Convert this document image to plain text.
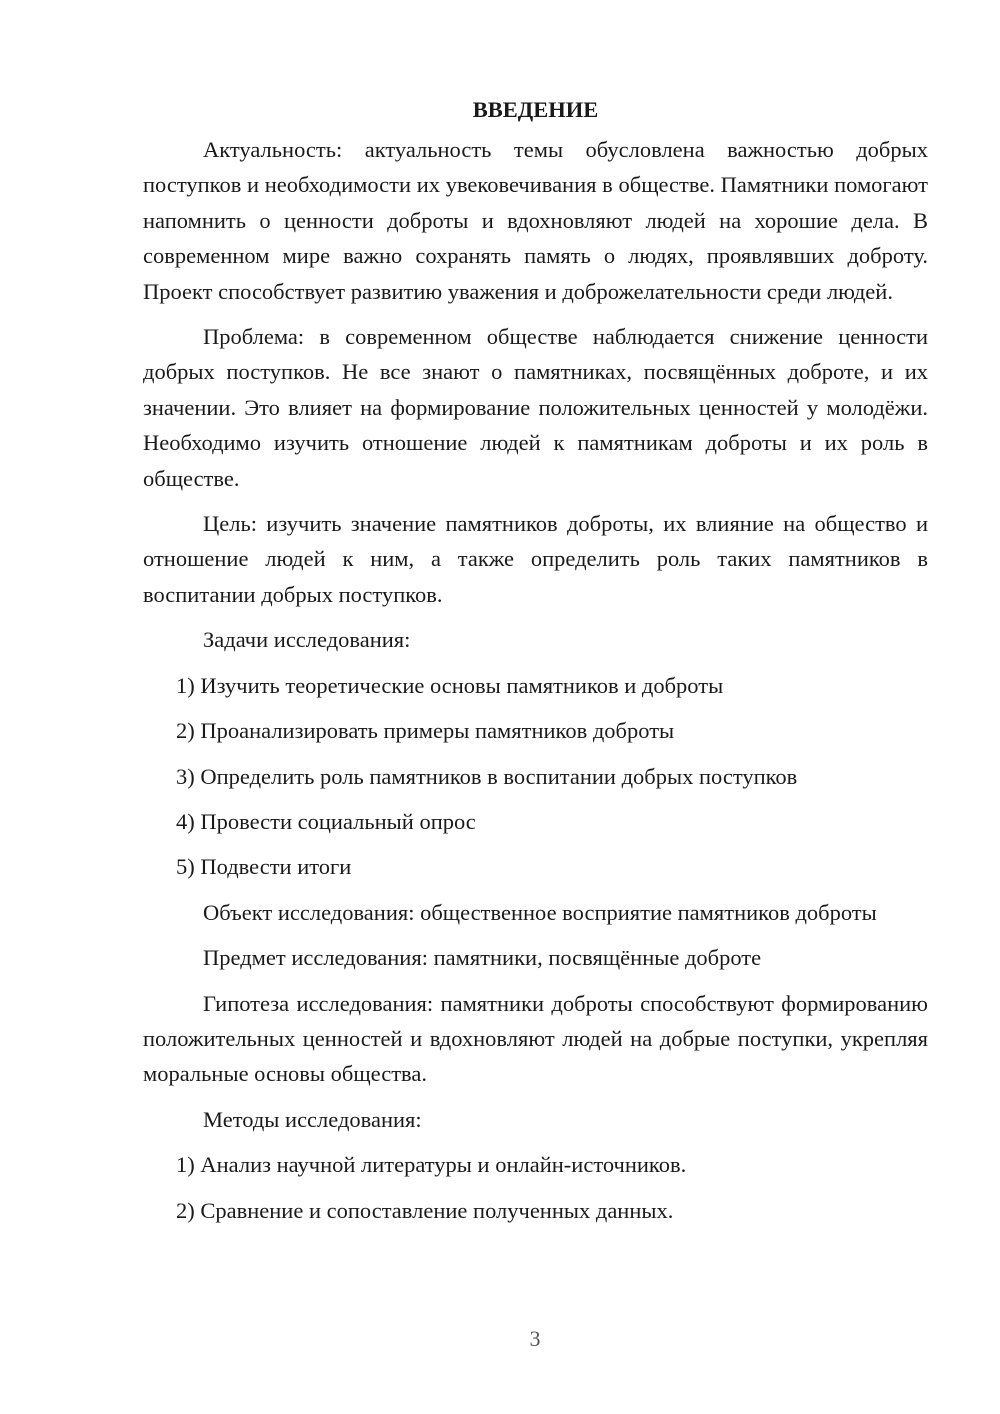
ВВЕДЕНИЕ

Актуальность: актуальность темы обусловлена важностью добрых поступков и необходимости их увековечивания в обществе. Памятники помогают напомнить о ценности доброты и вдохновляют людей на хорошие дела. В современном мире важно сохранять память о людях, проявлявших доброту. Проект способствует развитию уважения и доброжелательности среди людей.

Проблема: в современном обществе наблюдается снижение ценности добрых поступков. Не все знают о памятниках, посвящённых доброте, и их значении. Это влияет на формирование положительных ценностей у молодёжи. Необходимо изучить отношение людей к памятникам доброты и их роль в обществе.

Цель: изучить значение памятников доброты, их влияние на общество и отношение людей к ним, а также определить роль таких памятников в воспитании добрых поступков.

Задачи исследования:

1) Изучить теоретические основы памятников и доброты
2) Проанализировать примеры памятников доброты
3) Определить роль памятников в воспитании добрых поступков
4) Провести социальный опрос
5) Подвести итоги

Объект исследования: общественное восприятие памятников доброты

Предмет исследования: памятники, посвящённые доброте

Гипотеза исследования: памятники доброты способствуют формированию положительных ценностей и вдохновляют людей на добрые поступки, укрепляя моральные основы общества.

Методы исследования:

1) Анализ научной литературы и онлайн-источников.
2) Сравнение и сопоставление полученных данных.
3
